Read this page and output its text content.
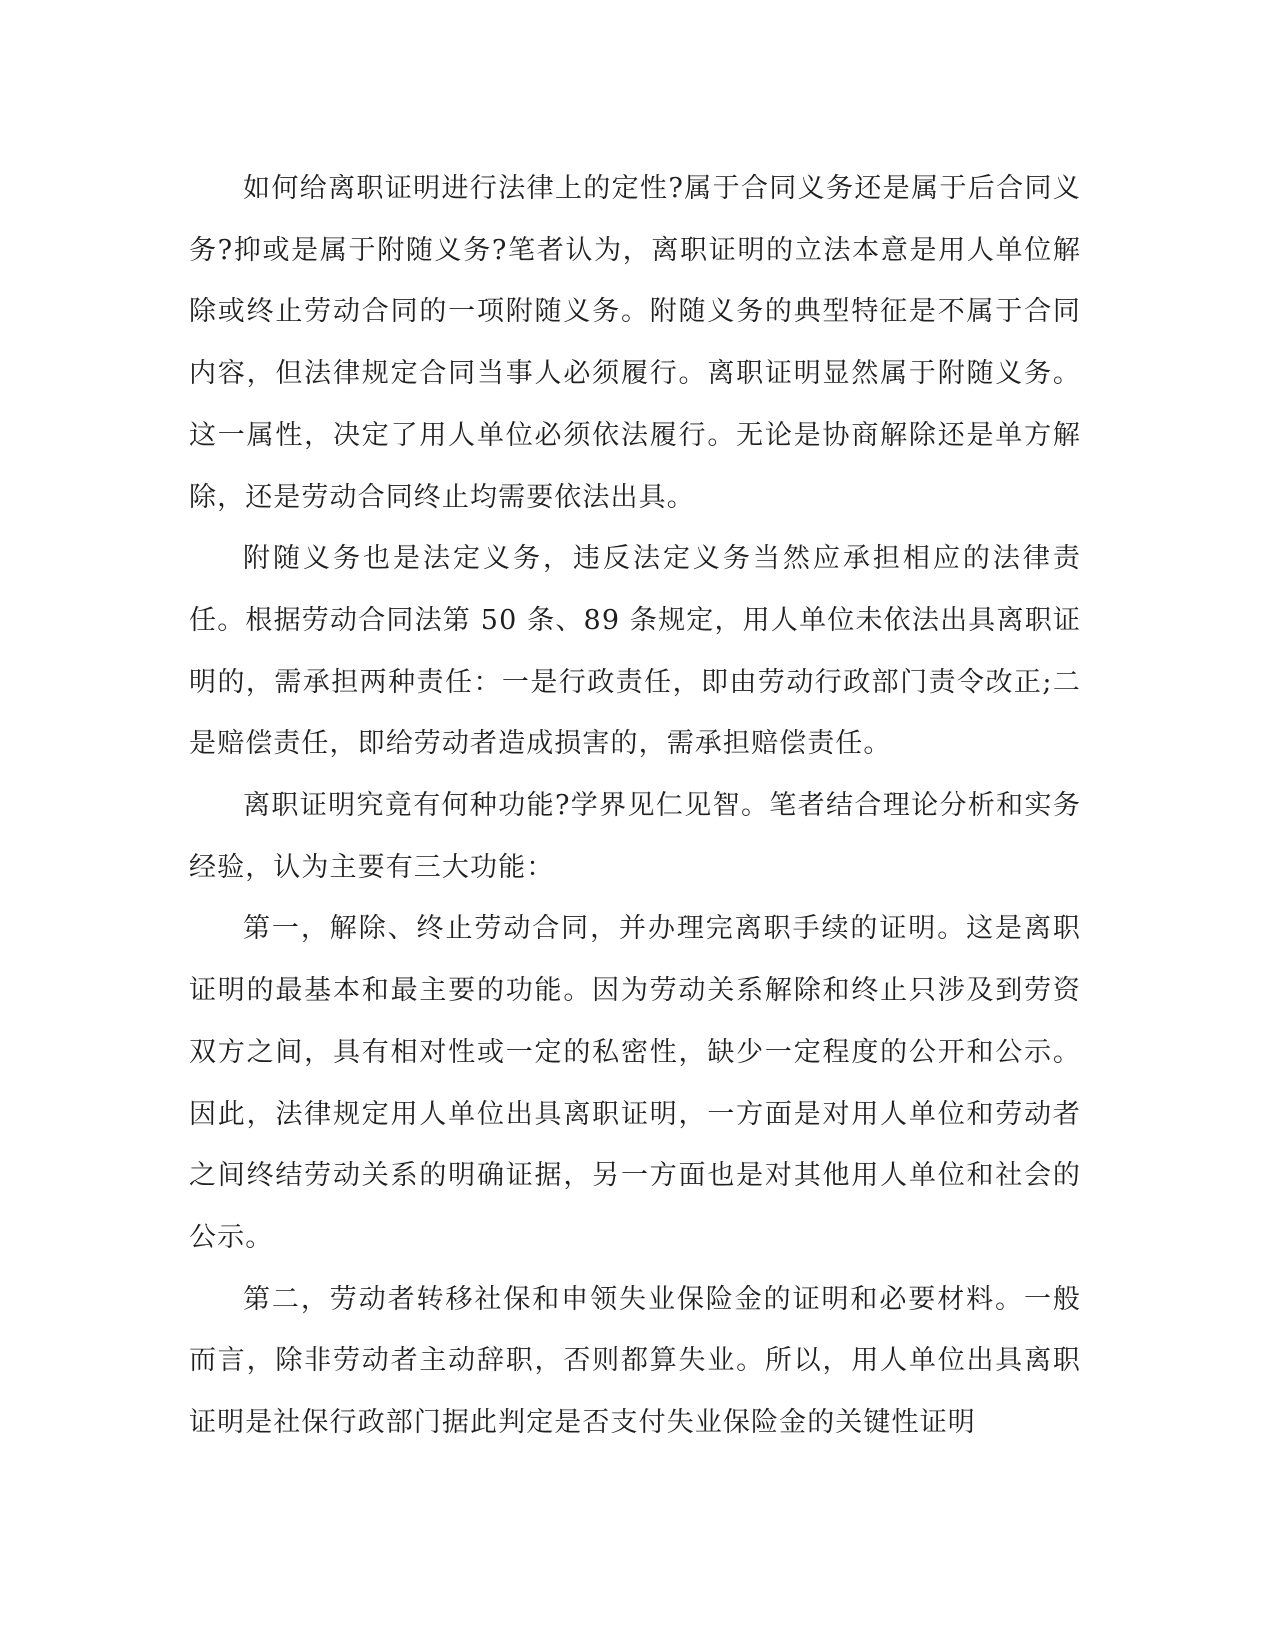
如何给离职证明进行法律上的定性?属于合同义务还是属于后合同义务?抑或是属于附随义务?笔者认为，离职证明的立法本意是用人单位解除或终止劳动合同的一项附随义务。附随义务的典型特征是不属于合同内容，但法律规定合同当事人必须履行。离职证明显然属于附随义务。这一属性，决定了用人单位必须依法履行。无论是协商解除还是单方解除，还是劳动合同终止均需要依法出具。

附随义务也是法定义务，违反法定义务当然应承担相应的法律责任。根据劳动合同法第 50 条、89 条规定，用人单位未依法出具离职证明的，需承担两种责任：一是行政责任，即由劳动行政部门责令改正;二是赔偿责任，即给劳动者造成损害的，需承担赔偿责任。

离职证明究竟有何种功能?学界见仁见智。笔者结合理论分析和实务经验，认为主要有三大功能：

第一，解除、终止劳动合同，并办理完离职手续的证明。这是离职证明的最基本和最主要的功能。因为劳动关系解除和终止只涉及到劳资双方之间，具有相对性或一定的私密性，缺少一定程度的公开和公示。因此，法律规定用人单位出具离职证明，一方面是对用人单位和劳动者之间终结劳动关系的明确证据，另一方面也是对其他用人单位和社会的公示。

第二，劳动者转移社保和申领失业保险金的证明和必要材料。一般而言，除非劳动者主动辞职，否则都算失业。所以，用人单位出具离职证明是社保行政部门据此判定是否支付失业保险金的关键性证明
